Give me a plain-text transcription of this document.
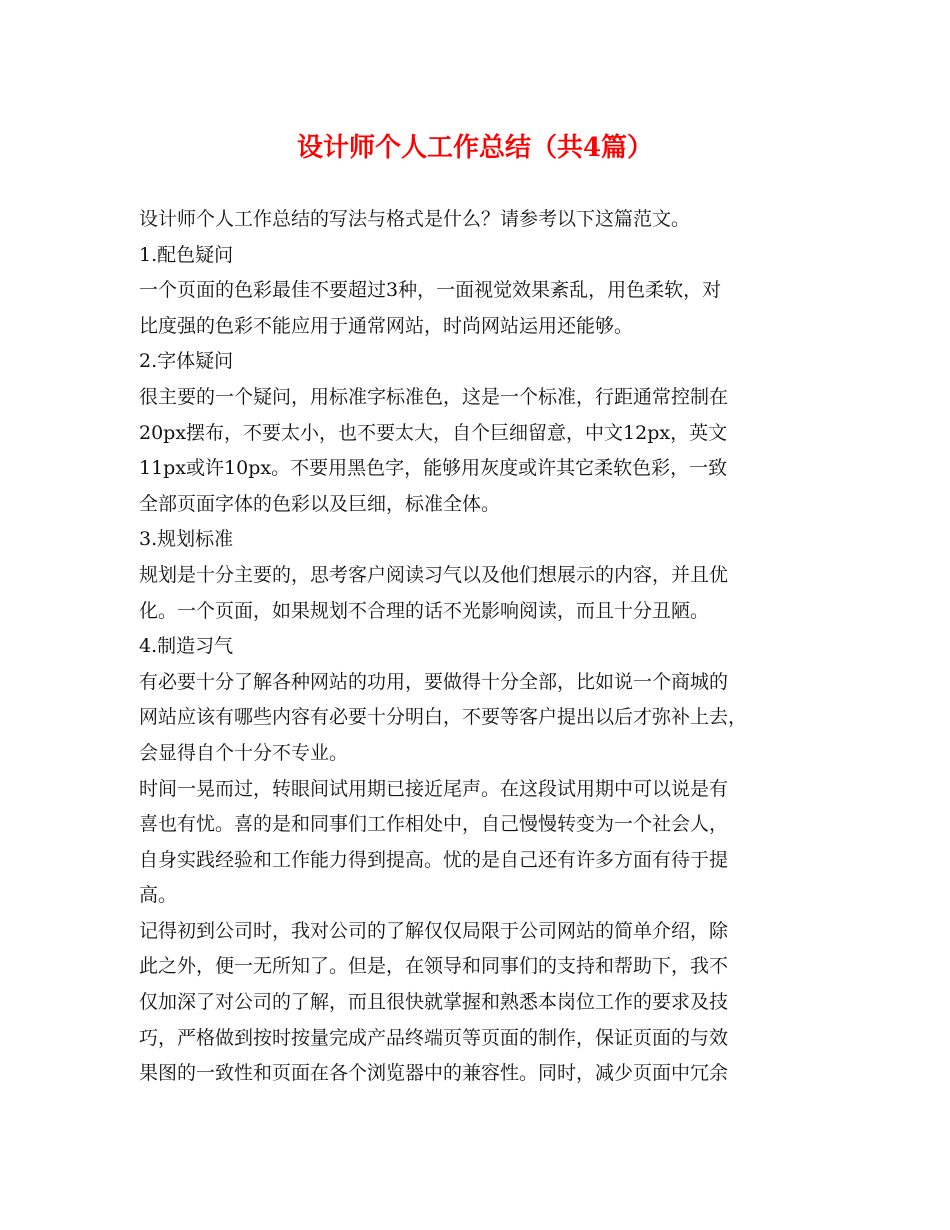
设计师个人工作总结（共4篇）
设计师个人工作总结的写法与格式是什么？请参考以下这篇范文。
1.配色疑问
一个页面的色彩最佳不要超过3种，一面视觉效果紊乱，用色柔软，对
比度强的色彩不能应用于通常网站，时尚网站运用还能够。
2.字体疑问
很主要的一个疑问，用标准字标准色，这是一个标准，行距通常控制在
20px摆布，不要太小，也不要太大，自个巨细留意，中文12px，英文
11px或许10px。不要用黑色字，能够用灰度或许其它柔软色彩，一致
全部页面字体的色彩以及巨细，标准全体。
3.规划标准
规划是十分主要的，思考客户阅读习气以及他们想展示的内容，并且优
化。一个页面，如果规划不合理的话不光影响阅读，而且十分丑陋。
4.制造习气
有必要十分了解各种网站的功用，要做得十分全部，比如说一个商城的
网站应该有哪些内容有必要十分明白，不要等客户提出以后才弥补上去，
会显得自个十分不专业。
时间一晃而过，转眼间试用期已接近尾声。在这段试用期中可以说是有
喜也有忧。喜的是和同事们工作相处中，自己慢慢转变为一个社会人，
自身实践经验和工作能力得到提高。忧的是自己还有许多方面有待于提
高。
记得初到公司时，我对公司的了解仅仅局限于公司网站的简单介绍，除
此之外，便一无所知了。但是，在领导和同事们的支持和帮助下，我不
仅加深了对公司的了解，而且很快就掌握和熟悉本岗位工作的要求及技
巧，严格做到按时按量完成产品终端页等页面的制作，保证页面的与效
果图的一致性和页面在各个浏览器中的兼容性。同时，减少页面中冗余
